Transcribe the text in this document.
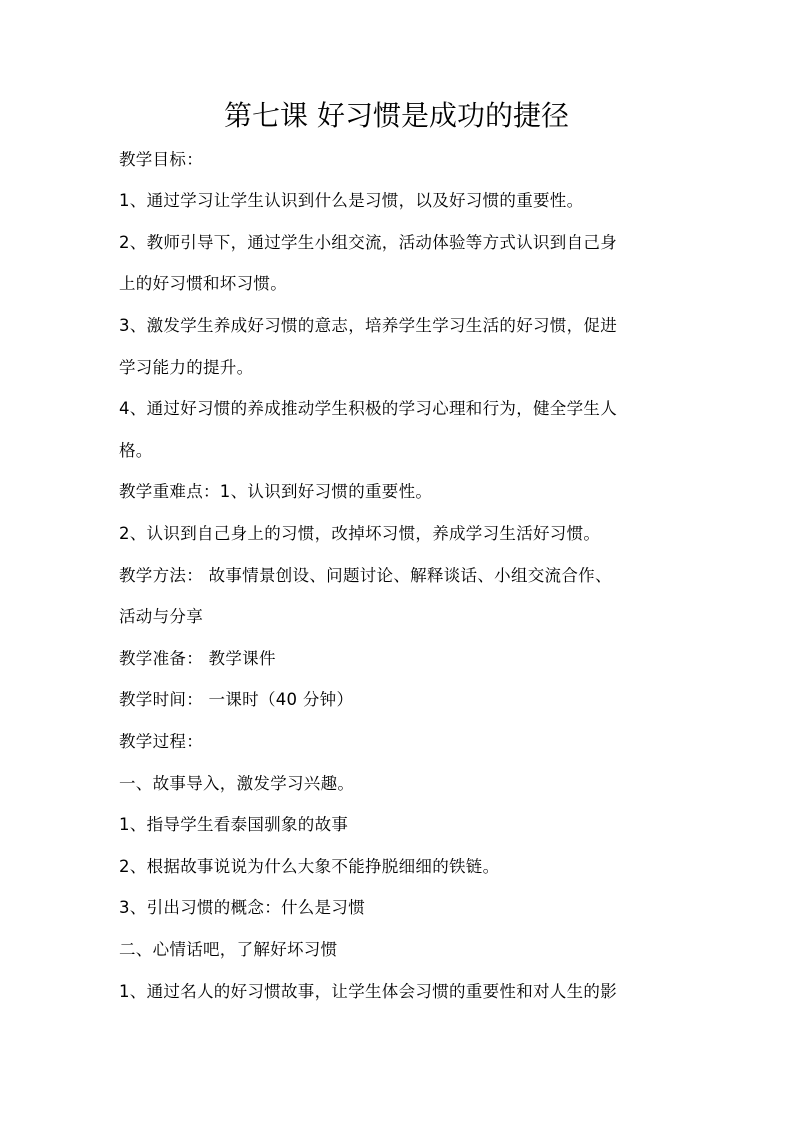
第七课 好习惯是成功的捷径
教学目标：
1、通过学习让学生认识到什么是习惯，以及好习惯的重要性。
2、教师引导下，通过学生小组交流，活动体验等方式认识到自己身
上的好习惯和坏习惯。
3、激发学生养成好习惯的意志，培养学生学习生活的好习惯，促进
学习能力的提升。
4、通过好习惯的养成推动学生积极的学习心理和行为，健全学生人
格。
教学重难点：1、认识到好习惯的重要性。
2、认识到自己身上的习惯，改掉坏习惯，养成学习生活好习惯。
教学方法： 故事情景创设、问题讨论、解释谈话、小组交流合作、
活动与分享
教学准备： 教学课件
教学时间： 一课时（40 分钟）
教学过程：
一、故事导入，激发学习兴趣。
1、指导学生看泰国驯象的故事
2、根据故事说说为什么大象不能挣脱细细的铁链。
3、引出习惯的概念：什么是习惯
二、心情话吧，了解好坏习惯
1、通过名人的好习惯故事，让学生体会习惯的重要性和对人生的影
